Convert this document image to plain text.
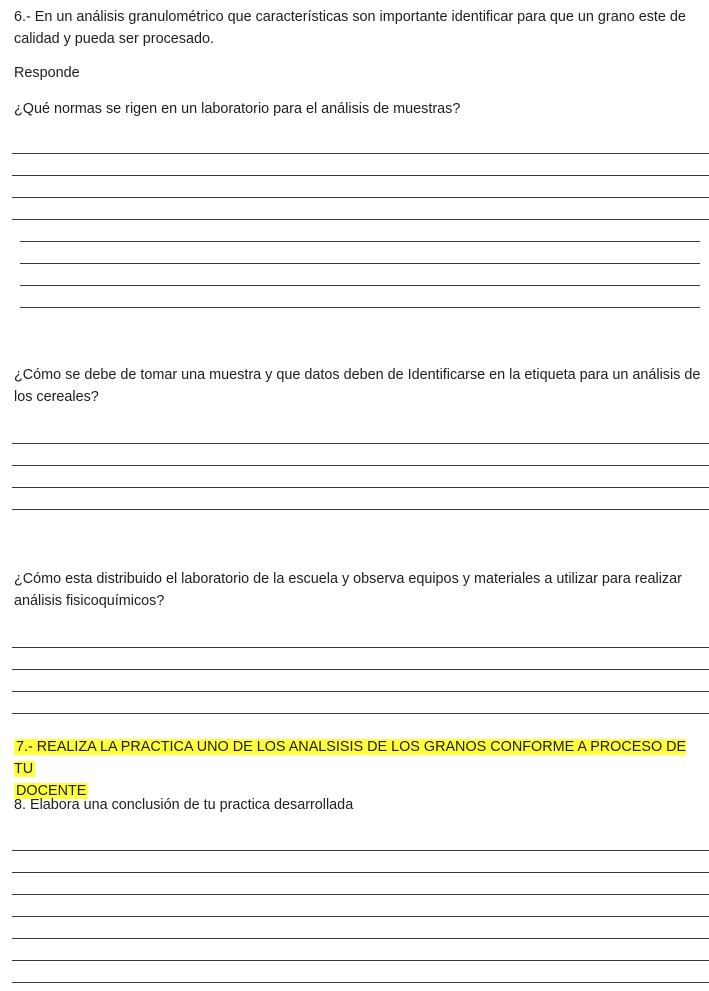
6.- En un análisis granulométrico que características son importante identificar para que un grano este de calidad y pueda ser procesado.

Responde

¿Qué normas se rigen en un laboratorio para el análisis de muestras?

¿Cómo se debe de tomar una muestra y que datos deben de Identificarse en la etiqueta para un análisis de los cereales?

¿Cómo esta distribuido el laboratorio de la escuela y observa equipos y materiales a utilizar para realizar análisis fisicoquímicos?

7.- REALIZA LA PRACTICA UNO DE LOS ANALSISIS DE LOS GRANOS CONFORME A PROCESO DE TU
DOCENTE

8. Elabora una conclusión de tu practica desarrollada
